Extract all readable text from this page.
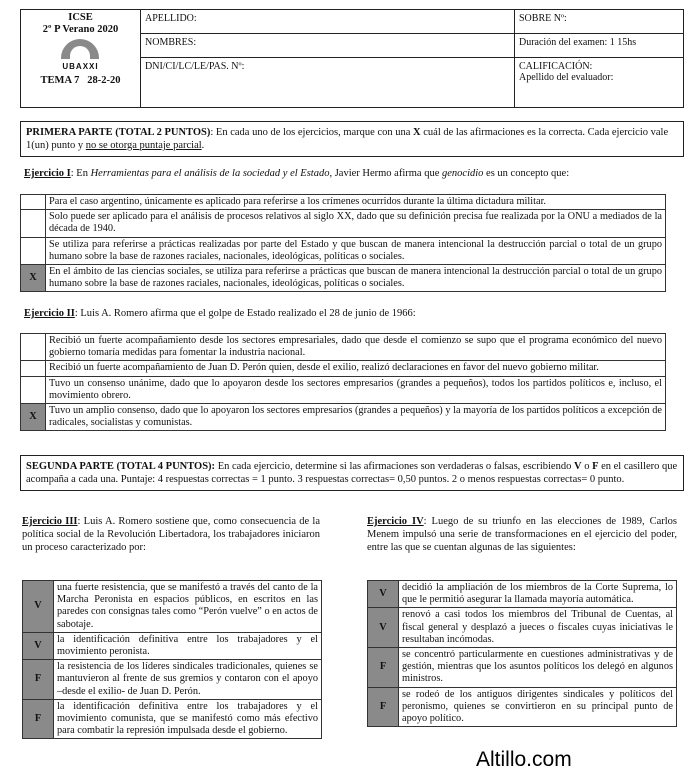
ICSE
2º P Verano 2020
UBAXXI
TEMA 7 28-2-20	APELLIDO:	SOBRE Nº:
	NOMBRES:	Duración del examen: 1 15hs
	DNI/CI/LC/LE/PAS. Nº:	CALIFICACIÓN:
Apellido del evaluador:
PRIMERA PARTE (TOTAL 2 PUNTOS): En cada uno de los ejercicios, marque con una X cuál de las afirmaciones es la correcta. Cada ejercicio vale 1(un) punto y no se otorga puntaje parcial.
Ejercicio I: En Herramientas para el análisis de la sociedad y el Estado, Javier Hermo afirma que genocidio es un concepto que:
	Para el caso argentino, únicamente es aplicado para referirse a los crímenes ocurridos durante la última dictadura militar.
	Solo puede ser aplicado para el análisis de procesos relativos al siglo XX, dado que su definición precisa fue realizada por la ONU a mediados de la década de 1940.
	Se utiliza para referirse a prácticas realizadas por parte del Estado y que buscan de manera intencional la destrucción parcial o total de un grupo humano sobre la base de razones raciales, nacionales, ideológicas, políticas o sociales.
X	En el ámbito de las ciencias sociales, se utiliza para referirse a prácticas que buscan de manera intencional la destrucción parcial o total de un grupo humano sobre la base de razones raciales, nacionales, ideológicas, políticas o sociales.
Ejercicio II: Luis A. Romero afirma que el golpe de Estado realizado el 28 de junio de 1966:
	Recibió un fuerte acompañamiento desde los sectores empresariales, dado que desde el comienzo se supo que el programa económico del nuevo gobierno tomaría medidas para fomentar la industria nacional.
	Recibió un fuerte acompañamiento de Juan D. Perón quien, desde el exilio, realizó declaraciones en favor del nuevo gobierno militar.
	Tuvo un consenso unánime, dado que lo apoyaron desde los sectores empresarios (grandes a pequeños), todos los partidos políticos e, incluso, el movimiento obrero.
X	Tuvo un amplio consenso, dado que lo apoyaron los sectores empresarios (grandes a pequeños) y la mayoría de los partidos políticos a excepción de radicales, socialistas y comunistas.
SEGUNDA PARTE (TOTAL 4 PUNTOS): En cada ejercicio, determine si las afirmaciones son verdaderas o falsas, escribiendo V o F en el casillero que acompaña a cada una. Puntaje: 4 respuestas correctas = 1 punto. 3 respuestas correctas= 0,50 puntos. 2 o menos respuestas correctas= 0 punto.
Ejercicio III: Luis A. Romero sostiene que, como consecuencia de la política social de la Revolución Libertadora, los trabajadores iniciaron un proceso caracterizado por:
V	una fuerte resistencia, que se manifestó a través del canto de la Marcha Peronista en espacios públicos, en escritos en las paredes con consignas tales como “Perón vuelve” o en actos de sabotaje.
V	la identificación definitiva entre los trabajadores y el movimiento peronista.
F	la resistencia de los líderes sindicales tradicionales, quienes se mantuvieron al frente de sus gremios y contaron con el apoyo –desde el exilio- de Juan D. Perón.
F	la identificación definitiva entre los trabajadores y el movimiento comunista, que se manifestó como más efectivo para combatir la represión impulsada desde el gobierno.
Ejercicio IV: Luego de su triunfo en las elecciones de 1989, Carlos Menem impulsó una serie de transformaciones en el ejercicio del poder, entre las que se cuentan algunas de las siguientes:
V	decidió la ampliación de los miembros de la Corte Suprema, lo que le permitió asegurar la llamada mayoría automática.
V	renovó a casi todos los miembros del Tribunal de Cuentas, al fiscal general y desplazó a jueces o fiscales cuyas iniciativas le resultaban incómodas.
F	se concentró particularmente en cuestiones administrativas y de gestión, mientras que los asuntos políticos los delegó en algunos ministros.
F	se rodeó de los antiguos dirigentes sindicales y políticos del peronismo, quienes se convirtieron en su principal punto de apoyo político.
Altillo.com
